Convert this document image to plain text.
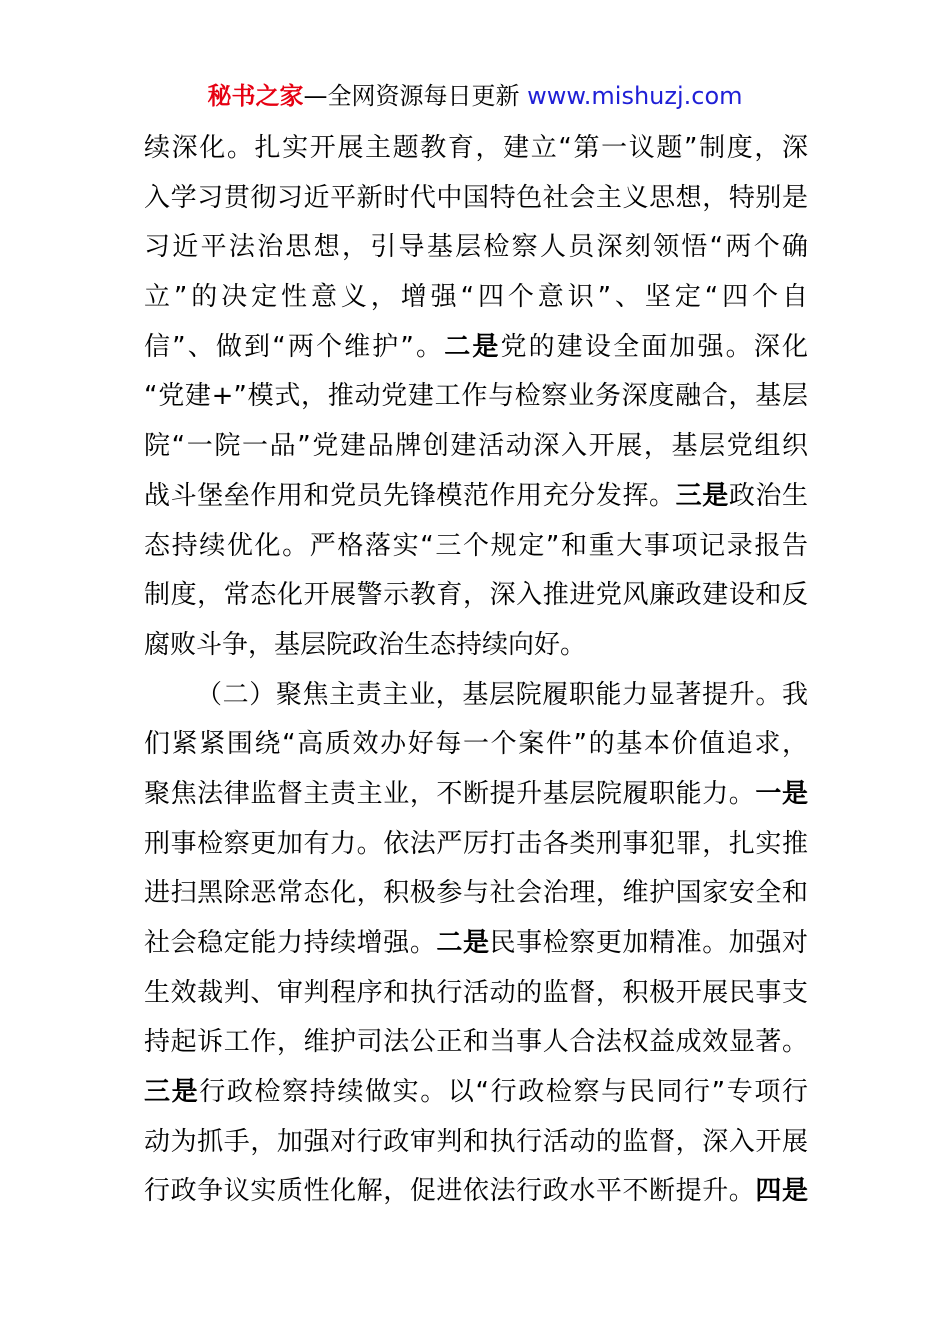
秘书之家—全网资源每日更新 www.mishuzj.com
续深化。扎实开展主题教育，建立“第一议题”制度，深
入学习贯彻习近平新时代中国特色社会主义思想，特别是
习近平法治思想，引导基层检察人员深刻领悟“两个确
立”的决定性意义，增强“四个意识”、坚定“四个自
信”、做到“两个维护”。二是党的建设全面加强。深化
“党建+”模式，推动党建工作与检察业务深度融合，基层
院“一院一品”党建品牌创建活动深入开展，基层党组织
战斗堡垒作用和党员先锋模范作用充分发挥。三是政治生
态持续优化。严格落实“三个规定”和重大事项记录报告
制度，常态化开展警示教育，深入推进党风廉政建设和反
腐败斗争，基层院政治生态持续向好。
（二）聚焦主责主业，基层院履职能力显著提升。我
们紧紧围绕“高质效办好每一个案件”的基本价值追求，
聚焦法律监督主责主业，不断提升基层院履职能力。一是
刑事检察更加有力。依法严厉打击各类刑事犯罪，扎实推
进扫黑除恶常态化，积极参与社会治理，维护国家安全和
社会稳定能力持续增强。二是民事检察更加精准。加强对
生效裁判、审判程序和执行活动的监督，积极开展民事支
持起诉工作，维护司法公正和当事人合法权益成效显著。
三是行政检察持续做实。以“行政检察与民同行”专项行
动为抓手，加强对行政审判和执行活动的监督，深入开展
行政争议实质性化解，促进依法行政水平不断提升。四是
